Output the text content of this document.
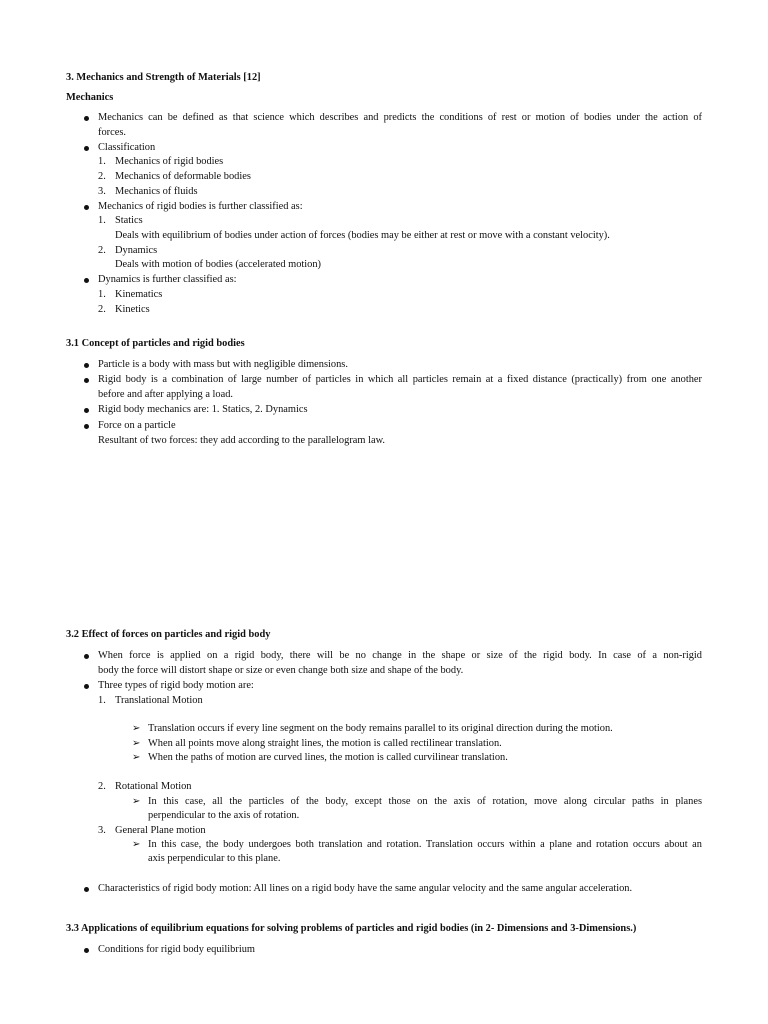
3. Mechanics and Strength of Materials [12]
Mechanics
Mechanics can be defined as that science which describes and predicts the conditions of rest or motion of bodies under the action of
forces.
Classification
1. Mechanics of rigid bodies
2. Mechanics of deformable bodies
3. Mechanics of fluids
Mechanics of rigid bodies is further classified as:
1. Statics
Deals with equilibrium of bodies under action of forces (bodies may be either at rest or move with a constant velocity).
2. Dynamics
Deals with motion of bodies (accelerated motion)
Dynamics is further classified as:
1. Kinematics
2. Kinetics
3.1 Concept of particles and rigid bodies
Particle is a body with mass but with negligible dimensions.
Rigid body is a combination of large number of particles in which all particles remain at a fixed distance (practically) from one another
before and after applying a load.
Rigid body mechanics are: 1. Statics, 2. Dynamics
Force on a particle
Resultant of two forces: they add according to the parallelogram law.
3.2 Effect of forces on particles and rigid body
When force is applied on a rigid body, there will be no change in the shape or size of the rigid body. In case of a non-rigid
body the force will distort shape or size or even change both size and shape of the body.
Three types of rigid body motion are:
1. Translational Motion
➢ Translation occurs if every line segment on the body remains parallel to its original direction during the motion.
➢ When all points move along straight lines, the motion is called rectilinear translation.
➢ When the paths of motion are curved lines, the motion is called curvilinear translation.
2. Rotational Motion
➢ In this case, all the particles of the body, except those on the axis of rotation, move along circular paths in planes
perpendicular to the axis of rotation.
3. General Plane motion
➢ In this case, the body undergoes both translation and rotation. Translation occurs within a plane and rotation occurs about an
axis perpendicular to this plane.
Characteristics of rigid body motion: All lines on a rigid body have the same angular velocity and the same angular acceleration.
3.3 Applications of equilibrium equations for solving problems of particles and rigid bodies (in 2- Dimensions and 3-Dimensions.)
Conditions for rigid body equilibrium
